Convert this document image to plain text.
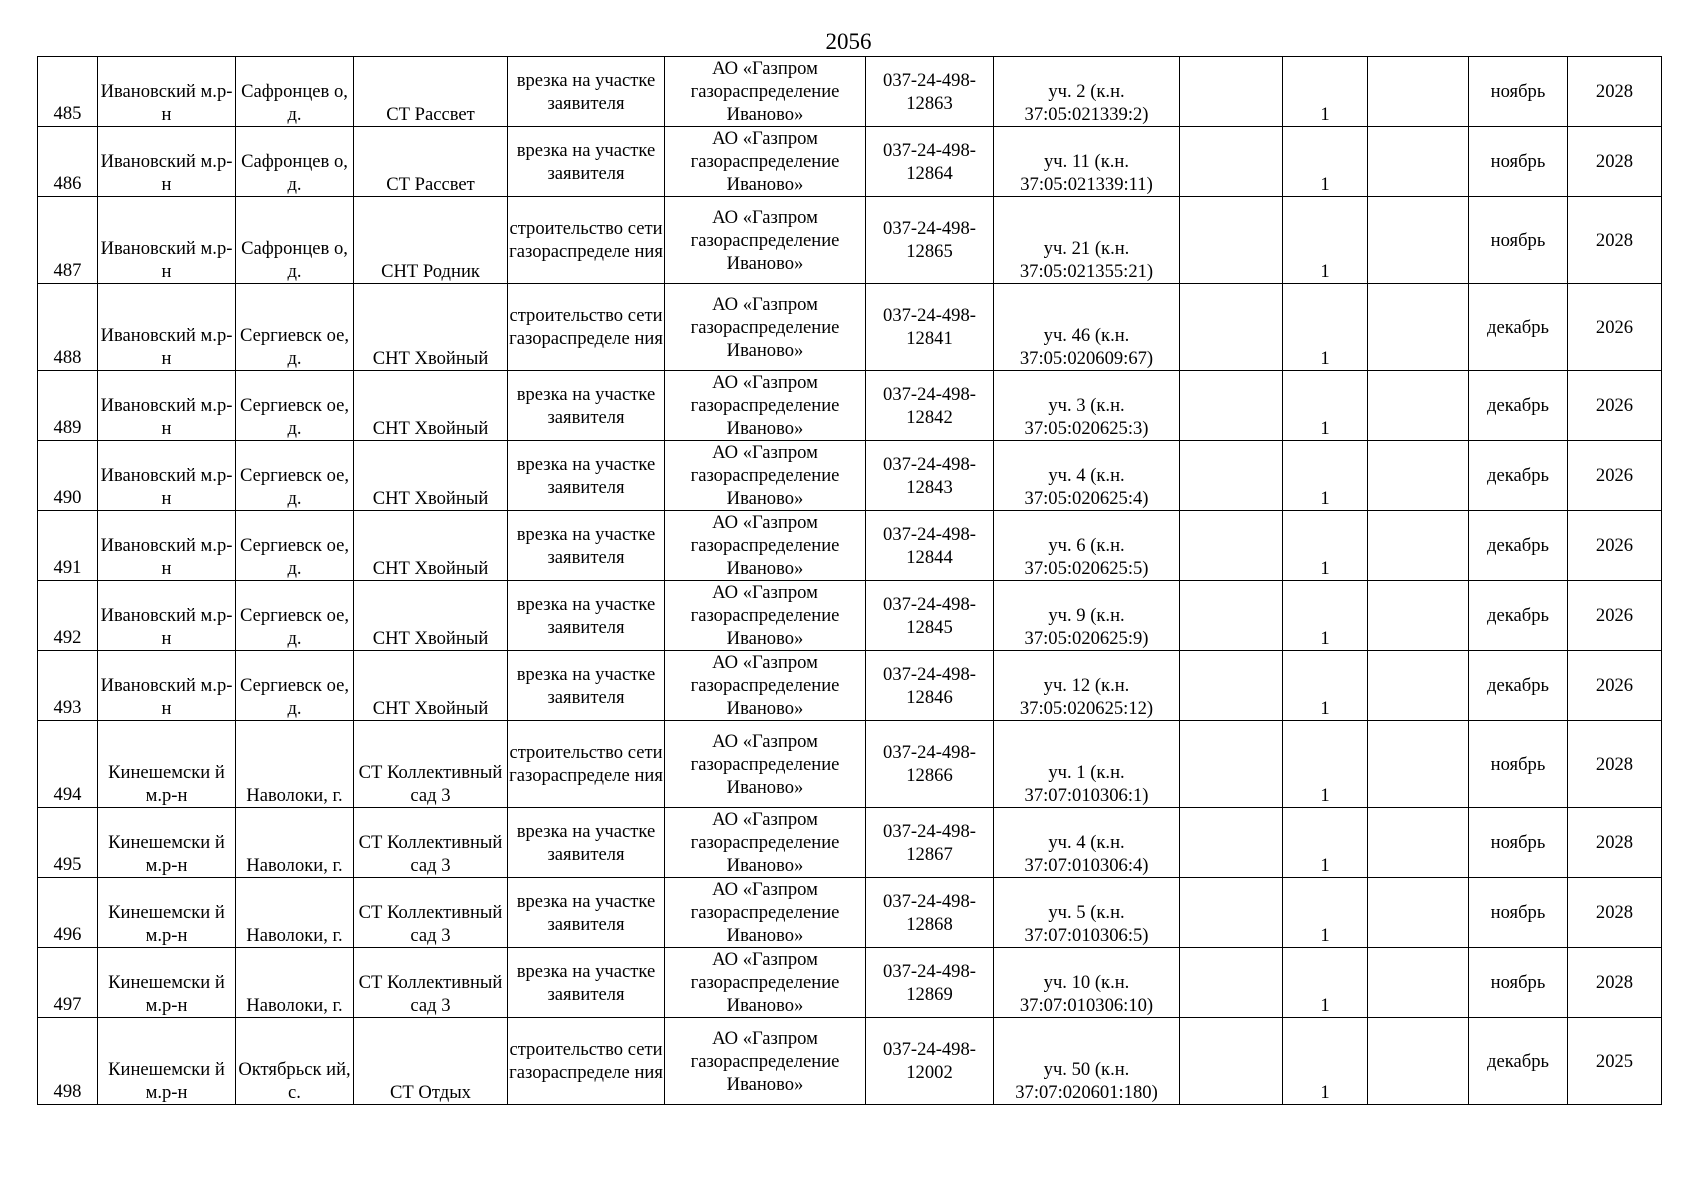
2056
485	Ивановский м.р-н	Сафронцев о, д.	СТ Рассвет	врезка на участке заявителя	АО «Газпром газораспределение Иваново»	037-24-498-12863	уч. 2 (к.н. 37:05:021339:2)		1		ноябрь	2028

486	Ивановский м.р-н	Сафронцев о, д.	СТ Рассвет	врезка на участке заявителя	АО «Газпром газораспределение Иваново»	037-24-498-12864	уч. 11 (к.н. 37:05:021339:11)		1		ноябрь	2028

487	Ивановский м.р-н	Сафронцев о, д.	СНТ Родник	строительство сети газораспределе ния	АО «Газпром газораспределение Иваново»	037-24-498-12865	уч. 21 (к.н. 37:05:021355:21)		1		ноябрь	2028

488	Ивановский м.р-н	Сергиевск ое, д.	СНТ Хвойный	строительство сети газораспределе ния	АО «Газпром газораспределение Иваново»	037-24-498-12841	уч. 46 (к.н. 37:05:020609:67)		1		декабрь	2026

489	Ивановский м.р-н	Сергиевск ое, д.	СНТ Хвойный	врезка на участке заявителя	АО «Газпром газораспределение Иваново»	037-24-498-12842	уч. 3 (к.н. 37:05:020625:3)		1		декабрь	2026

490	Ивановский м.р-н	Сергиевск ое, д.	СНТ Хвойный	врезка на участке заявителя	АО «Газпром газораспределение Иваново»	037-24-498-12843	уч. 4 (к.н. 37:05:020625:4)		1		декабрь	2026

491	Ивановский м.р-н	Сергиевск ое, д.	СНТ Хвойный	врезка на участке заявителя	АО «Газпром газораспределение Иваново»	037-24-498-12844	уч. 6 (к.н. 37:05:020625:5)		1		декабрь	2026

492	Ивановский м.р-н	Сергиевск ое, д.	СНТ Хвойный	врезка на участке заявителя	АО «Газпром газораспределение Иваново»	037-24-498-12845	уч. 9 (к.н. 37:05:020625:9)		1		декабрь	2026

493	Ивановский м.р-н	Сергиевск ое, д.	СНТ Хвойный	врезка на участке заявителя	АО «Газпром газораспределение Иваново»	037-24-498-12846	уч. 12 (к.н. 37:05:020625:12)		1		декабрь	2026

494	Кинешемски й м.р-н	Наволоки, г.	СТ Коллективный сад 3	строительство сети газораспределе ния	АО «Газпром газораспределение Иваново»	037-24-498-12866	уч. 1 (к.н. 37:07:010306:1)		1		ноябрь	2028

495	Кинешемски й м.р-н	Наволоки, г.	СТ Коллективный сад 3	врезка на участке заявителя	АО «Газпром газораспределение Иваново»	037-24-498-12867	уч. 4 (к.н. 37:07:010306:4)		1		ноябрь	2028

496	Кинешемски й м.р-н	Наволоки, г.	СТ Коллективный сад 3	врезка на участке заявителя	АО «Газпром газораспределение Иваново»	037-24-498-12868	уч. 5 (к.н. 37:07:010306:5)		1		ноябрь	2028

497	Кинешемски й м.р-н	Наволоки, г.	СТ Коллективный сад 3	врезка на участке заявителя	АО «Газпром газораспределение Иваново»	037-24-498-12869	уч. 10 (к.н. 37:07:010306:10)		1		ноябрь	2028

498	Кинешемски й м.р-н	Октябрьск ий, с.	СТ Отдых	строительство сети газораспределе ния	АО «Газпром газораспределение Иваново»	037-24-498-12002	уч. 50 (к.н. 37:07:020601:180)		1		декабрь	2025
